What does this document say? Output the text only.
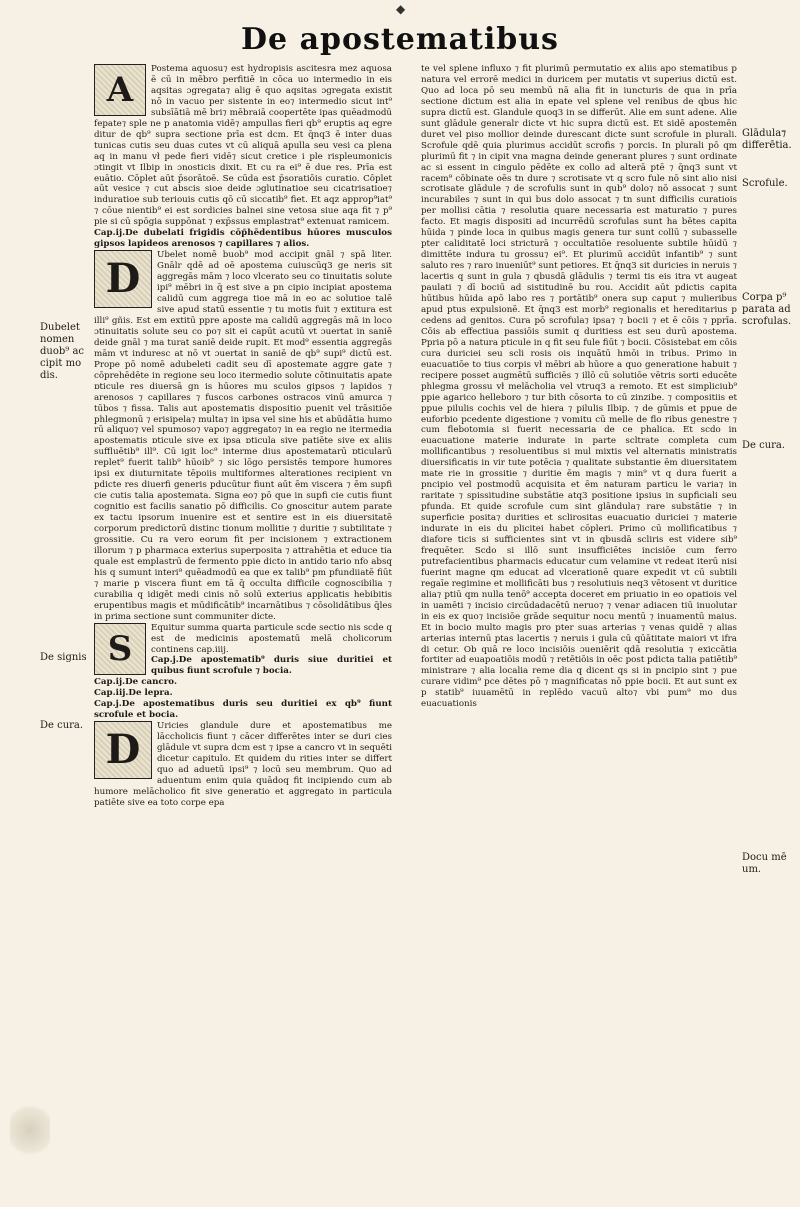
◆
De apostematibus

A
Postema aquosu⁊ est hydropisis ascitesra mez aquosa ē cū in mēbro perfitiē in cōca uo intermedio in eis aqsitas ɔgregata⁊ alig ē quo aqsitas ɔgregata existit nō in vacuo per sistente in eo⁊ intermedio sicut int⁹ subsīātiā mē bri⁊ mēbraiā coopertēte ipas quēadmodū fepate⁊ sple ne p anatomia vidē⁊ ampullas fieri qb⁹ eruptis aq egre ditur de qb⁹ supra sectione prīa est dcm. Et q̄nq3 ē inter duas tunicas cutis seu duas cutes vt cū aliquā apulla seu vesi ca plena aq in manu vł pede fieri vidē⁊ sicut cretice i ple rispleumonicis ɔtingit vt Ilbip in ɔnosticis dixit. Et cu ra ei⁹ ē due res. Prīa est euātio. Cōplet aūt p̄sorātoē. Se cūda est p̄soratiōis curatio. Cōplet aūt vesice ⁊ cut abscis sioe deide ɔglutinatioe seu cicatrisatioe⁊ induratioe sub teriouis cutis qō cū siccatib⁹ fiet. Et aqz approp⁹iat⁹ ⁊ cōue nientib⁹ ei est sordicies balnei sine vetosa siue aqa fit ⁊ p⁹ pie si cū spōgia suppōnat ⁊ exp̄ssus emplastrat⁹ extenuat ramicem.

Cap.ij.De dubelati frigidis cōp̄hēdentibus hūores musculos gipsos lapideos arenosos ⁊ capillares ⁊ alios.

D	Ubelet nomē buob⁹ mod accipit gnāl ⁊ spā liter. Gnālr qdē ad oē apostema cuiuscūq3 ge neris sit aggregās mām ⁊ loco vlcerato seu co tinuitatis solute ipi⁹ mēbri in q̄ est sive a pn cipio incipiat apostema calidū cum aggrega tioe mā in eo ac solutioe talē sive apud statū essentie ⁊ tu motis fuit ⁊ extitura est illi⁹ gñis. Est em extitū ppre aposte ma calidū aggregās mā in loco ɔtinuitatis solute seu co po⁊ sit ei capūt acutū vt ɔuertat in saniē deide gnāl ⁊ ma turat saniē deide rupit. Et mod⁹ essentia aggregās mām vt induresc at nō vt ɔuertat in saniē de qb⁹ supi⁹ dictū est. Prope pō nomē adubeleti cadit seu dī apostemate aggre gate ⁊ cōprehēdēte in regione seu loco itermedio solute cōtinuitatis apate ɒticule res diuersā gn is hūores mu sculos gipsos ⁊ lapidos ⁊ arenosos ⁊ capillares ⁊ fuscos carbones ostracos vinū amurca ⁊ tūbos ⁊ fissa. Talis aut apostematis dispositio puenit vel trāsitiōe phlegmonū ⁊ erisipela⁊ multa⁊ in ipsa vel sine his et abūdātia humo rū aliquo⁊ vel spumoso⁊ vapo⁊ aggregato⁊ in ea regio ne itermedia apostematis ɒticule sive ex ipsa ɒticula sive patiēte sive ex aliis suffluētib⁹ ill⁹. Cū igit loc⁹ interme dius apostematarū ɒticularū replet⁹ fuerit talib⁹ hūoib⁹ ⁊ sic lōgo persistēs tempore humores ipsi ex diuturnitate tēpoiis multiformes alterationes recipient vn pdicte res diuerfi generis pducūtur fiunt aūt ēm viscera ⁊ ēm supfi cie cutis talia apostemata. Signa eo⁊ pō que in supfi cie cutis fiunt cognitio est facilis sanatio pō difficilis. Co gnoscitur autem parate ex tactu ipsorum inuenire est et sentire est in eis diuersitatē corporum predictorū distinc tionum mollitie ⁊ duritie ⁊ subtilitate ⁊ grossitie. Cu ra vero eorum fit per incisionem ⁊ extractionem illorum ⁊ p pharmaca exterius superposita ⁊ attrahētia et educe tia quale est emplastrū de fermento ppie dicto in antido tario nfo absq his q sumunt interi⁹ quēadmodū ea que ex talib⁹ pm pfundiiatē fiūt ⁊ marie p viscera fiunt em tā q̄ occulta difficile cognoscibilia ⁊ curabilia q idigēt medi cinis nō solū exterius applicatis hebibitis erupentibus magis et mūdificātib⁹ incarnātibus ⁊ cōsolidātibus q̄les in prima sectione sunt communiter dicte.

S
Equitur summa quarta particule scde sectio nis scde q est de medicinis apostematū melā cholicorum continens cap.iiij.

Cap.j.De apostematib⁹ duris siue duritiei et quibus fiunt scrofule ⁊ bocia.

Cap.ij.De cancro.

Cap.iij.De lepra.

Cap.j.De apostematibus duris seu duritiei ex qb⁹ fiunt scrofule et bocia.

D	Uricies glandule dure et apostematibus me lāccholicis fiunt ⁊ cācer differētes inter se duri cies glādule vt supra dcm est ⁊ ipse a cancro vt in sequēti dicetur capitulo. Et quidem du rities inter se differt quo ad aduetū ipsi⁹ ⁊ locū seu membrum. Quo ad aduentum enim quia quādoq fit incipiendo cum ab humore melācholico fit sive generatio et aggregato in particula patiēte sive ea toto corpe epa

te vel splene influxo ⁊ fit plurimū permutatio ex aliis apo stematibus p natura vel errorē medici in duricem per mutatis vt superius dictū est. Quo ad loca pō seu membū nā alia fit in iuncturis de qua in prīa sectione dictum est alia in epate vel splene vel renibus de qbus hic supra dictū est. Glandule quoq3 in se differūt. Alie em sunt adene. Alie sunt glādule generalr dicte vt hic supra dictū est. Et sidē apostemēn duret vel piso mollior deinde durescant dicte sunt scrofule in plurali. Scrofule qdē quia plurimus accidūt scrofis ⁊ porcis. In plurali pō qm plurimū fit ⁊ in cipit vna magna deinde generant plures ⁊ sunt ordinate ac si essent in cingulo pēdēte ex collo ad alterā ptē ⁊ q̄nq3 sunt vt racem⁹ cōbinate oēs tn dure ⁊ scrotisate vt q scro fule nō sint alio nisi scrotisate glādule ⁊ de scrofulis sunt in qub⁹ dolo⁊ nō assocat ⁊ sunt incurabiles ⁊ sunt in qui bus dolo assocat ⁊ tn sunt difficilis curatiois per mollisi cātia ⁊ resolutia quare necessaria est maturatio ⁊ pures facto. Et magis dispositi ad incurrēdū scrofulas sunt ha bētes capita hūida ⁊ pinde loca in quibus magis genera tur sunt collū ⁊ subasselle pter caliditatē loci stricturā ⁊ occultatiōe resoluente subtile hūidū ⁊ dimittēte indura tu grossu⁊ ei⁹. Et plurimū accidūt infantib⁹ ⁊ sunt saluto res ⁊ raro inueniūt⁹ sunt petiores. Et q̄nq3 sit duricies in neruis ⁊ lacertis q sunt in gula ⁊ qbusdā glādulis ⁊ termi tis eis itra vt augeat paulati ⁊ dī bociū ad sistitudinē bu rou. Accidit aūt pdictis capita hūtibus hūida apō labo res ⁊ portātib⁹ onera sup caput ⁊ mulieribus apud ptus expulsionē. Et q̄nq3 est morb⁹ regionalis et hereditarius p cedens ad genitos. Cura pō scrofula⁊ ipsa⁊ ⁊ bocii ⁊ et ē cōis ⁊ pprīa. Cōis ab effectiua passiōis sumit q duritiess est seu durū apostema. Ppria pō a natura pticule in q fit seu fule fiūt ⁊ bocii. Cōsistebat em cōis cura duriciei seu scli rosis ois inquātū hmōi in tribus. Primo in euacuatiōe to tius corpis vł mēbri ab hūore a quo generatione habuit ⁊ recipere posset augmētū sufficiēs ⁊ illō cū solutiōe vētris sorti educēte phlegma grossu vł melācholia vel vtruq3 a remoto. Et est simpliciub⁹ ppie agarico helleboro ⁊ tur bith cōsorta to cū zinzibe. ⁊ compositiis et ppue pilulis cochis vel de hiera ⁊ pilulis Ilbip. ⁊ de gūmis et ppue de euforbio pcedente digestione ⁊ vomitu cū melle de flo ribus genestre ⁊ cum flebotomia si fuerit necessaria de ce phalica. Et scdo in euacuatione materie indurate in parte scltrate completa cum mollificantibus ⁊ resoluentibus si mul mixtis vel alternatis ministratis diuersificatis in vir tute potēcia ⁊ qualitate substantie ēm diuersitatem mate rie in grossitie ⁊ duritie ēm magis ⁊ min⁹ vt q dura fuerit a pncipio vel postmodū acquisita et ēm naturam particu le varia⁊ in raritate ⁊ spissitudine substātie atq3 positione ipsius in supficiali seu pfunda. Et quide scrofule cum sint glāndula⁊ rare substātie ⁊ in superficie posita⁊ durities et sclirositas euacuatio duriciei ⁊ materie indurate in eis du plicitei habet cōpleri. Primo cū mollificatibus ⁊ diafore ticis si sufficientes sint vt in qbusdā scliris est videre sib⁹ frequēter. Scdo si illō sunt insufficiētes incisiōe cum ferro putrefacientibus pharmacis educatur cum velamine vt redeat iterū nisi fuerint magne qm educat ad vlcerationē quare expedit vt cū subtili regaīe regimine et mollificāti bus ⁊ resolutiuis neq3 vētosent vt duritice alia⁊ ptiū qm nulla tenō⁹ accepta doceret em priuatio in eo opatiois vel in uamēti ⁊ incisio circūdadacētū neruo⁊ ⁊ venar adiacen tiū inuolutar in eis ex quo⁊ incisiōe grāde sequitur nocu mentū ⁊ inuamentū maius. Et in bocio multo magis pro pter suas arterias ⁊ venas quidē ⁊ alias arterias internū ptas lacertis ⁊ neruis i gula cū qūātitate maiori vt ifra di cetur. Ob quā re loco incisiōis ɔueniērit qdā resolutia ⁊ exiccātia fortiter ad euapoatiōis modū ⁊ retētiōis in oēc post pdicta talia patiētib⁹ ministrare ⁊ alia localia reme dia q dicent qs si in pncipio sint ⁊ pue curare vidim⁹ pce dētes pō ⁊ magnificatas nō ppie bocii. Et aut sunt ex p statib⁹ iuuamētū in replēdo vacuū alto⁊ vbi pum⁹ mo dus euacuationis

Dubelet nomen duob⁹ ac cipit mo dis.
De signis
De cura.
Glādula⁊ differētia.
Scrofule.
Corpa p⁹ parata ad scrofulas.
De cura.
Docu mē um.
